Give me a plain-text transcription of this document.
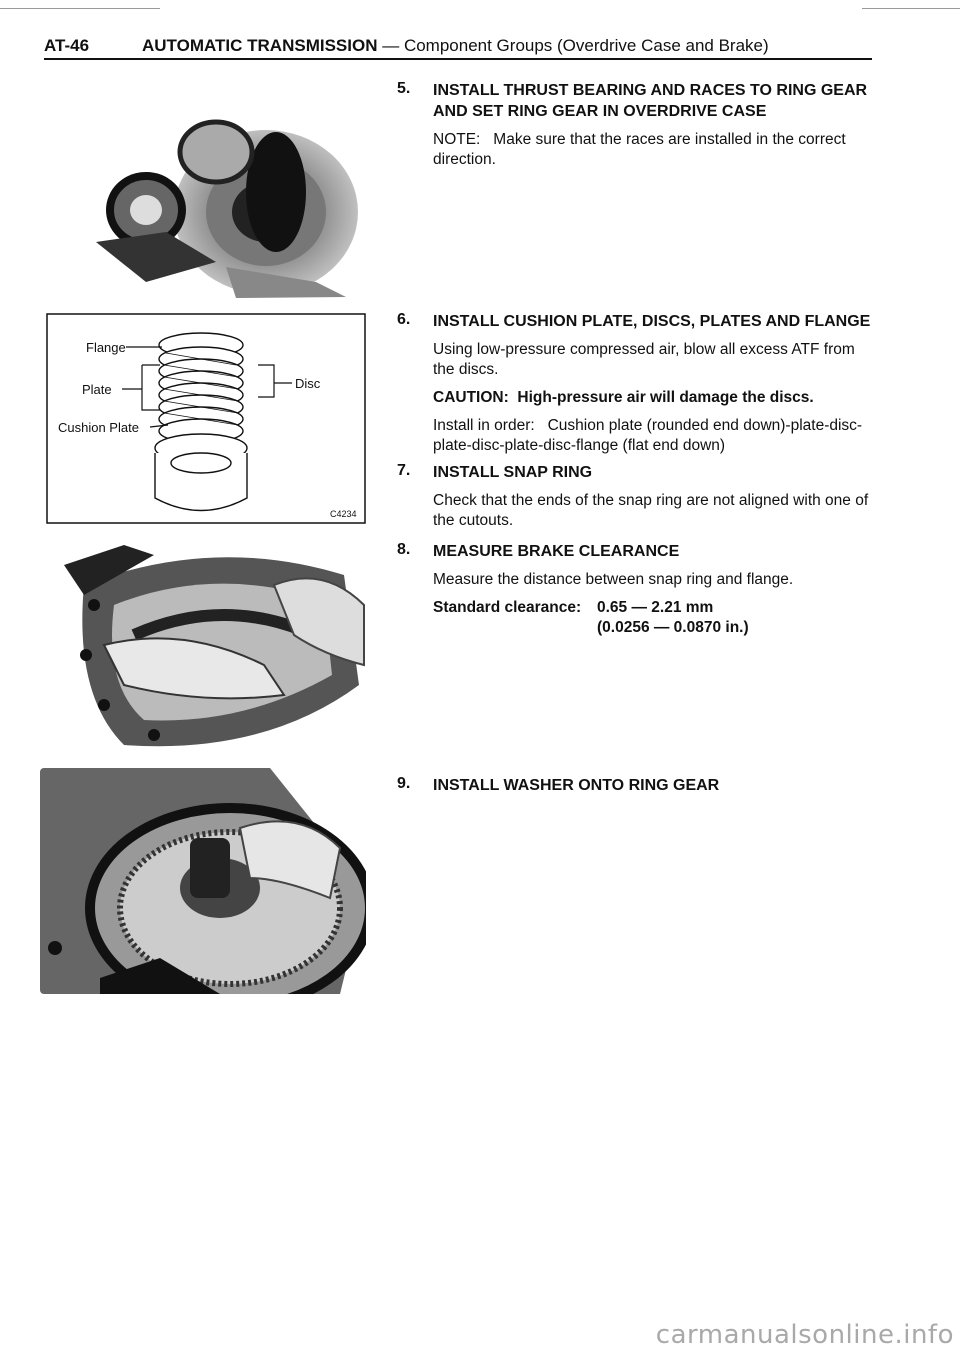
AT-46	AUTOMATIC TRANSMISSION — Component Groups (Overdrive Case and Brake)
Flange
Plate	Disc
Cushion Plate
C4234
5. INSTALL THRUST BEARING AND RACES TO RING GEAR AND SET RING GEAR IN OVERDRIVE CASE
NOTE: Make sure that the races are installed in the correct direction.
6. INSTALL CUSHION PLATE, DISCS, PLATES AND FLANGE
Using low-pressure compressed air, blow all excess ATF from the discs.
CAUTION: High-pressure air will damage the discs.
Install in order: Cushion plate (rounded end down)-plate-disc-plate-disc-plate-disc-flange (flat end down)
7. INSTALL SNAP RING
Check that the ends of the snap ring are not aligned with one of the cutouts.
8. MEASURE BRAKE CLEARANCE
Measure the distance between snap ring and flange.
Standard clearance: 0.65 — 2.21 mm
(0.0256 — 0.0870 in.)
9. INSTALL WASHER ONTO RING GEAR
carmanualsonline.info
